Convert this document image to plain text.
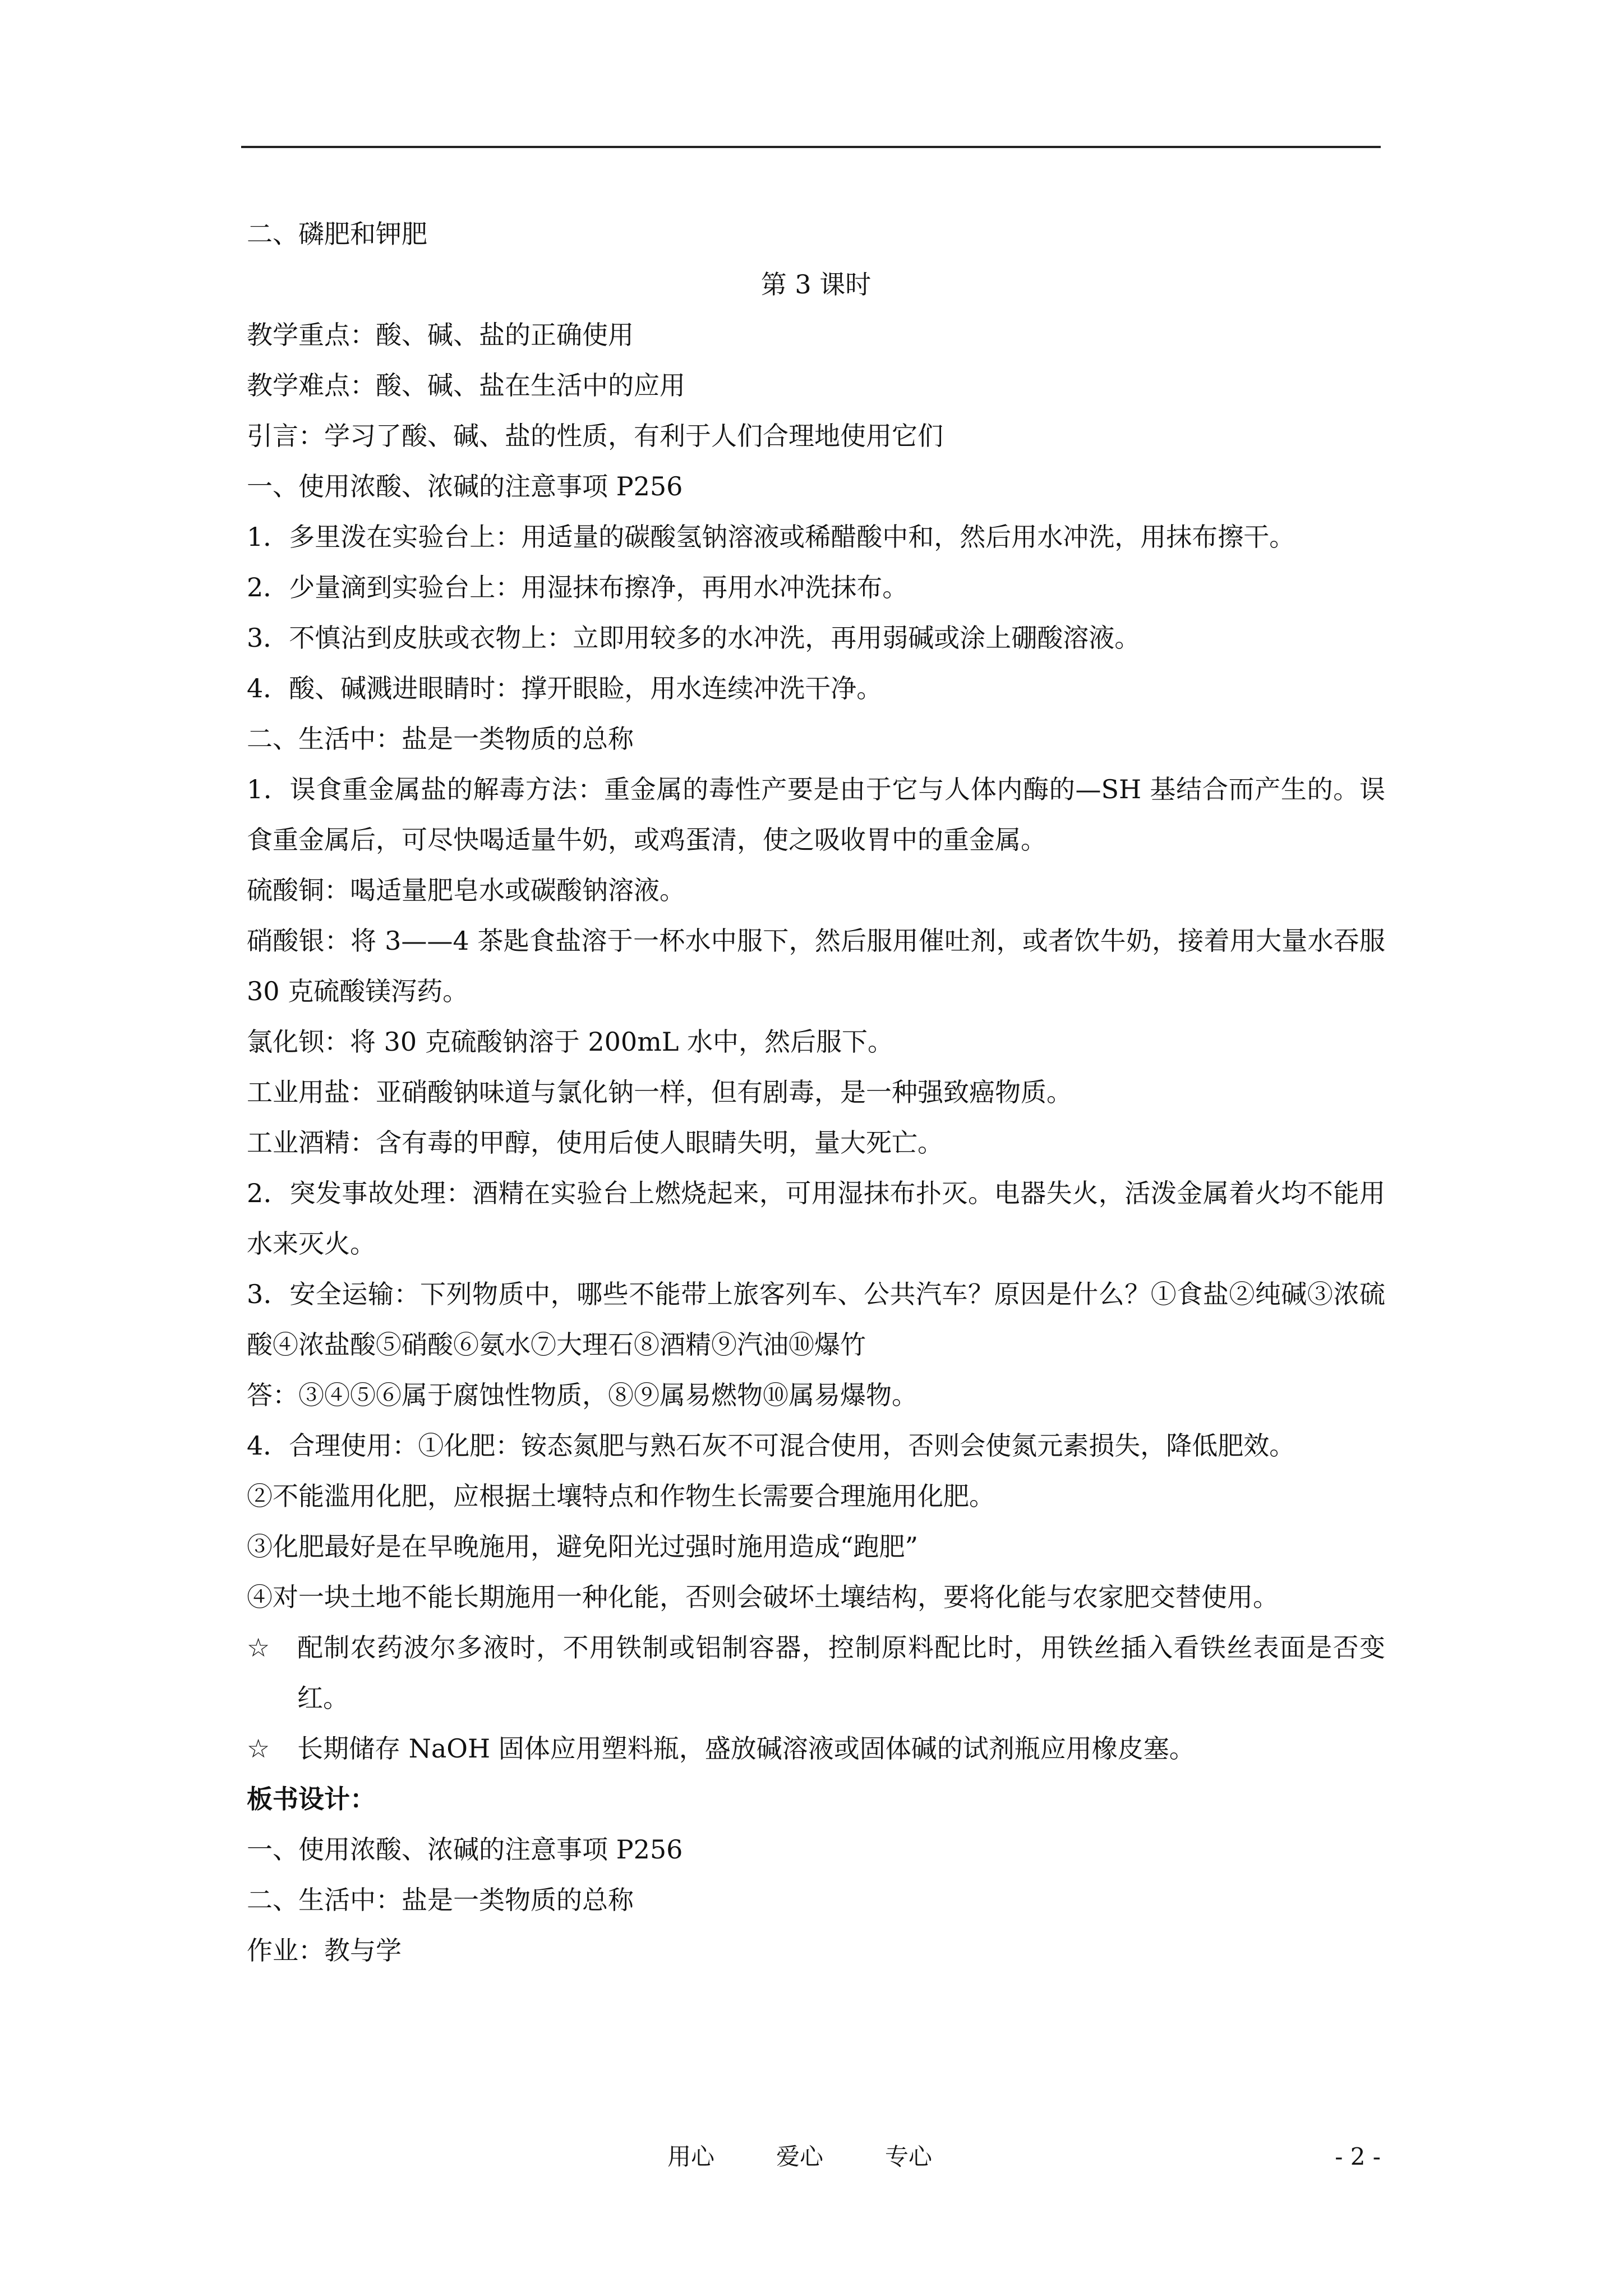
二、磷肥和钾肥

第 3 课时

教学重点：酸、碱、盐的正确使用

教学难点：酸、碱、盐在生活中的应用

引言：学习了酸、碱、盐的性质，有利于人们合理地使用它们

一、使用浓酸、浓碱的注意事项 P256

1．多里泼在实验台上：用适量的碳酸氢钠溶液或稀醋酸中和，然后用水冲洗，用抹布擦干。

2．少量滴到实验台上：用湿抹布擦净，再用水冲洗抹布。

3．不慎沾到皮肤或衣物上：立即用较多的水冲洗，再用弱碱或涂上硼酸溶液。

4．酸、碱溅进眼睛时：撑开眼睑，用水连续冲洗干净。

二、生活中：盐是一类物质的总称

1．误食重金属盐的解毒方法：重金属的毒性产要是由于它与人体内酶的—SH 基结合而产生的。误食重金属后，可尽快喝适量牛奶，或鸡蛋清，使之吸收胃中的重金属。

硫酸铜：喝适量肥皂水或碳酸钠溶液。

硝酸银：将 3——4 茶匙食盐溶于一杯水中服下，然后服用催吐剂，或者饮牛奶，接着用大量水吞服 30 克硫酸镁泻药。

氯化钡：将 30 克硫酸钠溶于 200mL 水中，然后服下。

工业用盐：亚硝酸钠味道与氯化钠一样，但有剧毒，是一种强致癌物质。

工业酒精：含有毒的甲醇，使用后使人眼睛失明，量大死亡。

2．突发事故处理：酒精在实验台上燃烧起来，可用湿抹布扑灭。电器失火，活泼金属着火均不能用水来灭火。

3．安全运输：下列物质中，哪些不能带上旅客列车、公共汽车？原因是什么？①食盐②纯碱③浓硫酸④浓盐酸⑤硝酸⑥氨水⑦大理石⑧酒精⑨汽油⑩爆竹

答：③④⑤⑥属于腐蚀性物质，⑧⑨属易燃物⑩属易爆物。

4．合理使用：①化肥：铵态氮肥与熟石灰不可混合使用，否则会使氮元素损失，降低肥效。

②不能滥用化肥，应根据土壤特点和作物生长需要合理施用化肥。

③化肥最好是在早晚施用，避免阳光过强时施用造成“跑肥”

④对一块土地不能长期施用一种化能，否则会破坏土壤结构，要将化能与农家肥交替使用。

☆	配制农药波尔多液时，不用铁制或铝制容器，控制原料配比时，用铁丝插入看铁丝表面是否变红。
☆	长期储存 NaOH 固体应用塑料瓶，盛放碱溶液或固体碱的试剂瓶应用橡皮塞。

板书设计：

一、使用浓酸、浓碱的注意事项 P256

二、生活中：盐是一类物质的总称

作业：教与学

用心	爱心	专心	- 2 -
